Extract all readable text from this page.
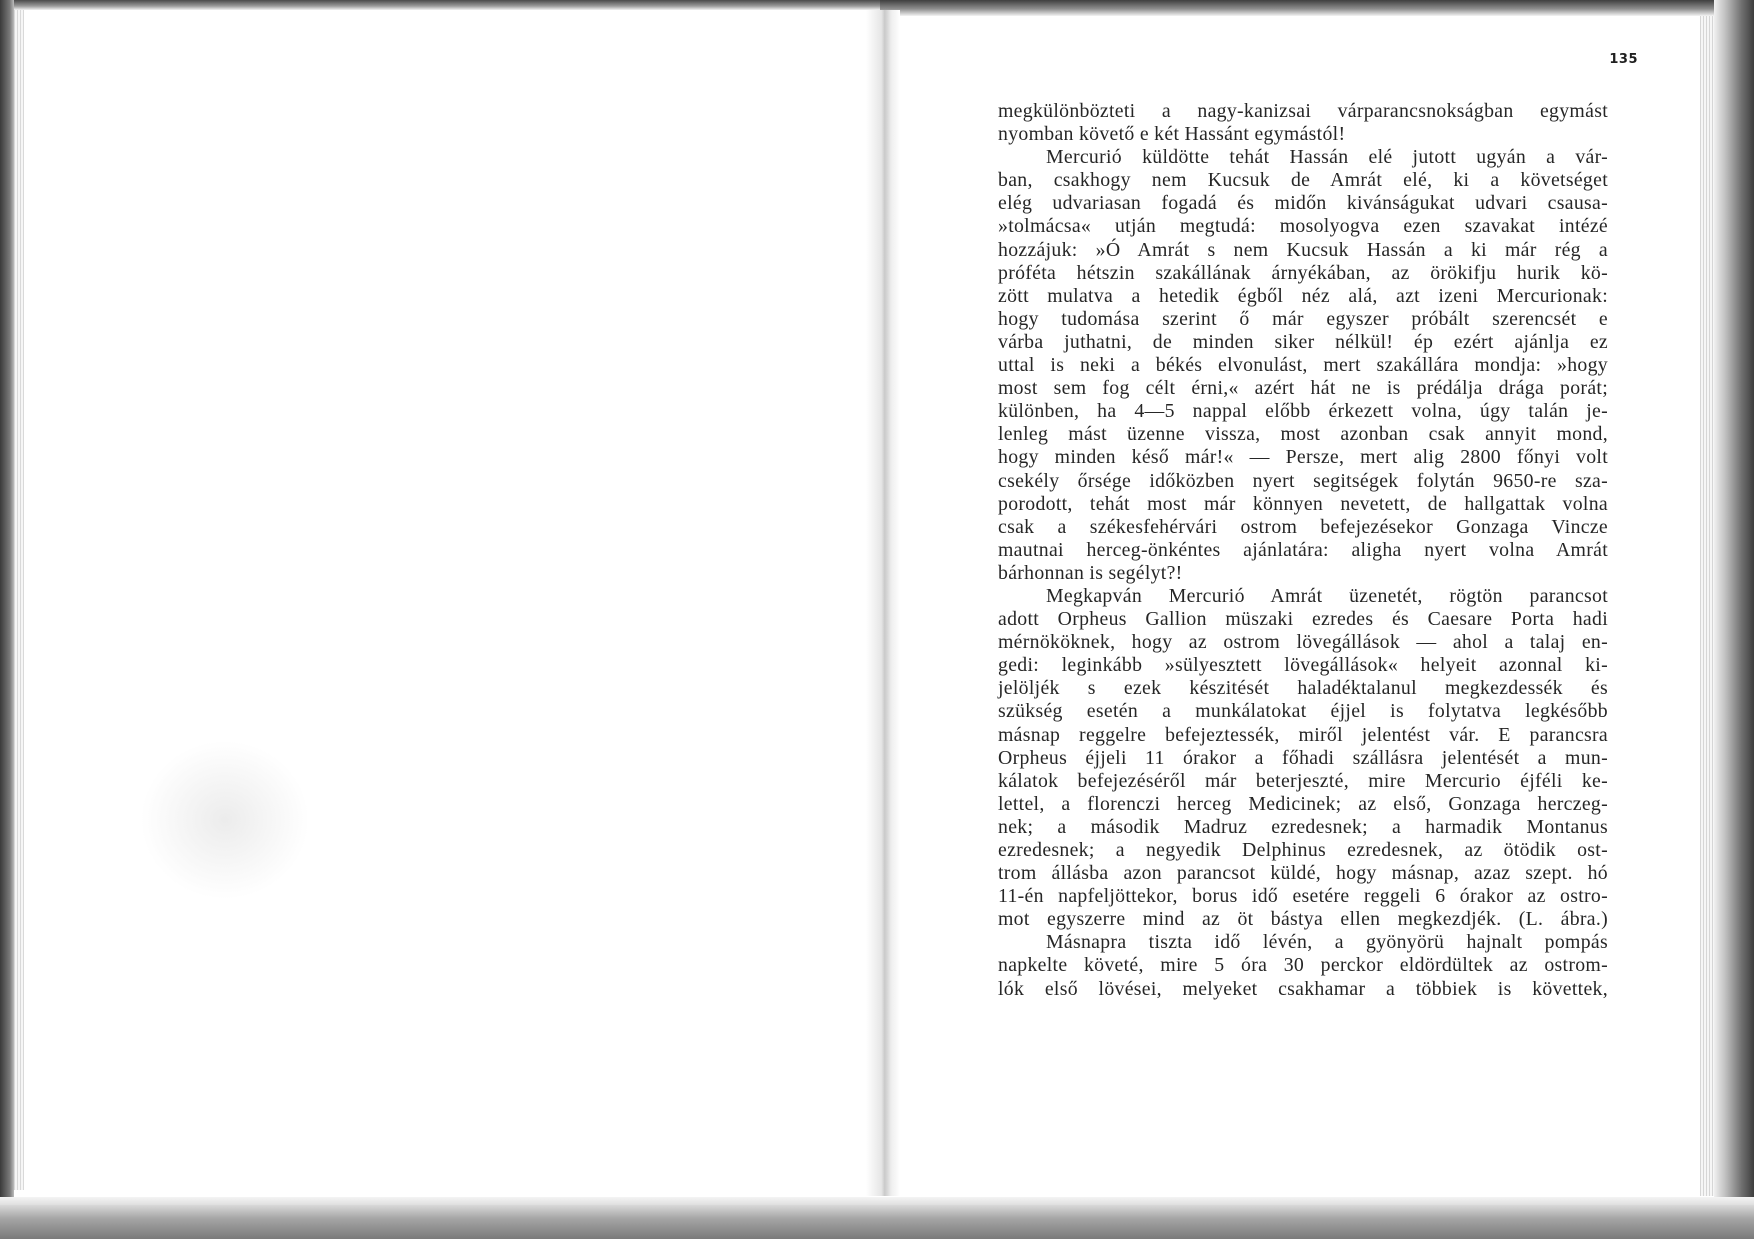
135
megkülönbözteti a nagy-kanizsai várparancsnokságban egymást
nyomban követő e két Hassánt egymástól!
Mercurió küldötte tehát Hassán elé jutott ugyán a vár-
ban, csakhogy nem Kucsuk de Amrát elé, ki a követséget
elég udvariasan fogadá és midőn kivánságukat udvari csausa-
»tolmácsa« utján megtudá: mosolyogva ezen szavakat intézé
hozzájuk: »Ó Amrát s nem Kucsuk Hassán a ki már rég a
próféta hétszin szakállának árnyékában, az örökifju hurik kö-
zött mulatva a hetedik égből néz alá, azt izeni Mercurionak:
hogy tudomása szerint ő már egyszer próbált szerencsét e
várba juthatni, de minden siker nélkül! ép ezért ajánlja ez
uttal is neki a békés elvonulást, mert szakállára mondja: »hogy
most sem fog célt érni,« azért hát ne is prédálja drága porát;
különben, ha 4—5 nappal előbb érkezett volna, úgy talán je-
lenleg mást üzenne vissza, most azonban csak annyit mond,
hogy minden késő már!« — Persze, mert alig 2800 főnyi volt
csekély őrsége időközben nyert segitségek folytán 9650-re sza-
porodott, tehát most már könnyen nevetett, de hallgattak volna
csak a székesfehérvári ostrom befejezésekor Gonzaga Vincze
mautnai herceg-önkéntes ajánlatára: aligha nyert volna Amrát
bárhonnan is segélyt?!
Megkapván Mercurió Amrát üzenetét, rögtön parancsot
adott Orpheus Gallion müszaki ezredes és Caesare Porta hadi
mérnököknek, hogy az ostrom lövegállások — ahol a talaj en-
gedi: leginkább »sülyesztett lövegállások« helyeit azonnal ki-
jelöljék s ezek készitését haladéktalanul megkezdessék és
szükség esetén a munkálatokat éjjel is folytatva legkésőbb
másnap reggelre befejeztessék, miről jelentést vár. E parancsra
Orpheus éjjeli 11 órakor a főhadi szállásra jelentését a mun-
kálatok befejezéséről már beterjeszté, mire Mercurio éjféli ke-
lettel, a florenczi herceg Medicinek; az első, Gonzaga herczeg-
nek; a második Madruz ezredesnek; a harmadik Montanus
ezredesnek; a negyedik Delphinus ezredesnek, az ötödik ost-
trom állásba azon parancsot küldé, hogy másnap, azaz szept. hó
11-én napfeljöttekor, borus idő esetére reggeli 6 órakor az ostro-
mot egyszerre mind az öt bástya ellen megkezdjék. (L. ábra.)
Másnapra tiszta idő lévén, a gyönyörü hajnalt pompás
napkelte követé, mire 5 óra 30 perckor eldördültek az ostrom-
lók első lövései, melyeket csakhamar a többiek is követtek,
